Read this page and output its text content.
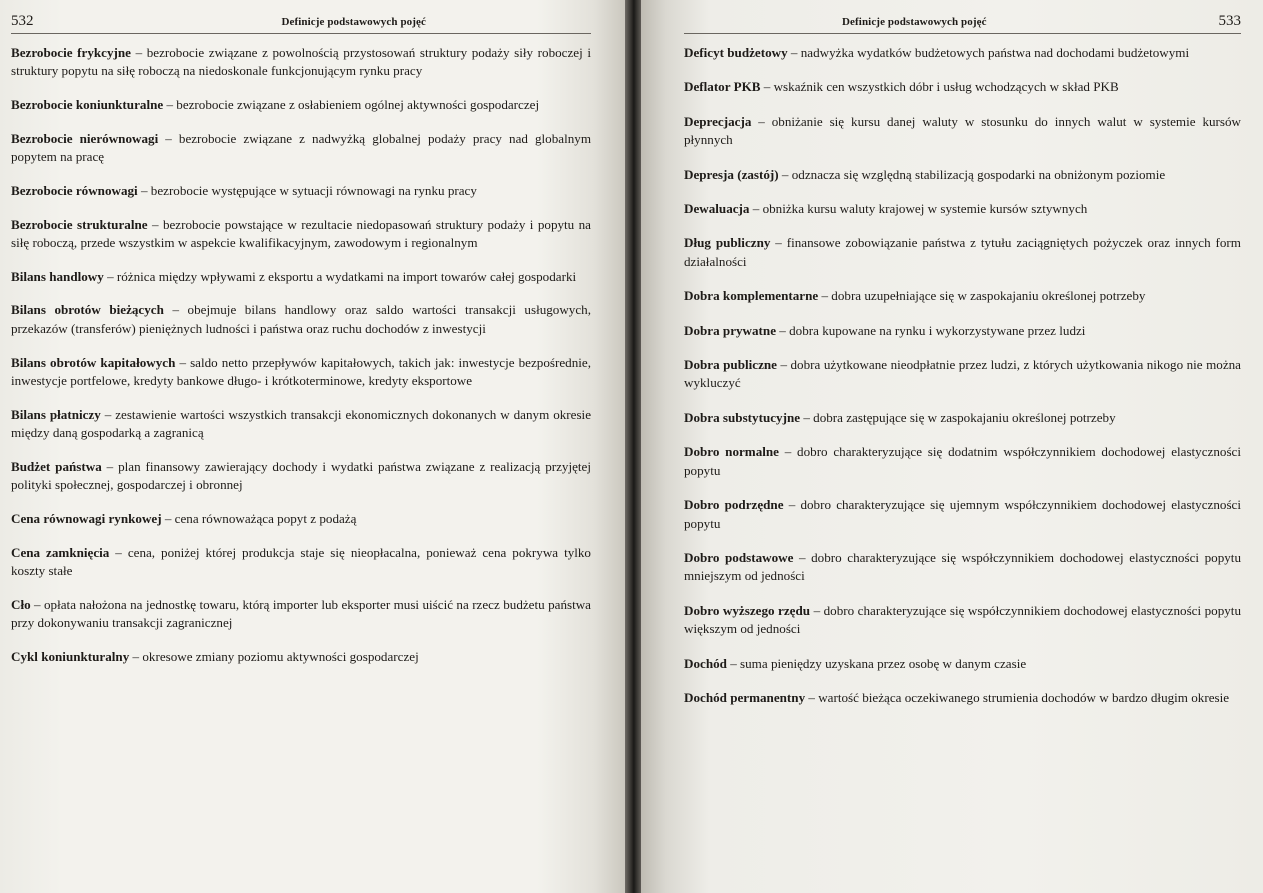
532	Definicje podstawowych pojęć

Bezrobocie frykcyjne – bezrobocie związane z powolnością przystosowań struktury podaży siły roboczej i struktury popytu na siłę roboczą na niedoskonale funkcjonującym rynku pracy

Bezrobocie koniunkturalne – bezrobocie związane z osłabieniem ogólnej aktywności gospodarczej

Bezrobocie nierównowagi – bezrobocie związane z nadwyżką globalnej podaży pracy nad globalnym popytem na pracę

Bezrobocie równowagi – bezrobocie występujące w sytuacji równowagi na rynku pracy

Bezrobocie strukturalne – bezrobocie powstające w rezultacie niedopasowań struktury podaży i popytu na siłę roboczą, przede wszystkim w aspekcie kwalifikacyjnym, zawodowym i regionalnym

Bilans handlowy – różnica między wpływami z eksportu a wydatkami na import towarów całej gospodarki

Bilans obrotów bieżących – obejmuje bilans handlowy oraz saldo wartości transakcji usługowych, przekazów (transferów) pieniężnych ludności i państwa oraz ruchu dochodów z inwestycji

Bilans obrotów kapitałowych – saldo netto przepływów kapitałowych, takich jak: inwestycje bezpośrednie, inwestycje portfelowe, kredyty bankowe długo- i krótkoterminowe, kredyty eksportowe

Bilans płatniczy – zestawienie wartości wszystkich transakcji ekonomicznych dokonanych w danym okresie między daną gospodarką a zagranicą

Budżet państwa – plan finansowy zawierający dochody i wydatki państwa związane z realizacją przyjętej polityki społecznej, gospodarczej i obronnej

Cena równowagi rynkowej – cena równoważąca popyt z podażą

Cena zamknięcia – cena, poniżej której produkcja staje się nieopłacalna, ponieważ cena pokrywa tylko koszty stałe

Cło – opłata nałożona na jednostkę towaru, którą importer lub eksporter musi uiścić na rzecz budżetu państwa przy dokonywaniu transakcji zagranicznej

Cykl koniunkturalny – okresowe zmiany poziomu aktywności gospodarczej

Definicje podstawowych pojęć	533

Deficyt budżetowy – nadwyżka wydatków budżetowych państwa nad dochodami budżetowymi

Deflator PKB – wskaźnik cen wszystkich dóbr i usług wchodzących w skład PKB

Deprecjacja – obniżanie się kursu danej waluty w stosunku do innych walut w systemie kursów płynnych

Depresja (zastój) – odznacza się względną stabilizacją gospodarki na obniżonym poziomie

Dewaluacja – obniżka kursu waluty krajowej w systemie kursów sztywnych

Dług publiczny – finansowe zobowiązanie państwa z tytułu zaciągniętych pożyczek oraz innych form działalności

Dobra komplementarne – dobra uzupełniające się w zaspokajaniu określonej potrzeby

Dobra prywatne – dobra kupowane na rynku i wykorzystywane przez ludzi

Dobra publiczne – dobra użytkowane nieodpłatnie przez ludzi, z których użytkowania nikogo nie można wykluczyć

Dobra substytucyjne – dobra zastępujące się w zaspokajaniu określonej potrzeby

Dobro normalne – dobro charakteryzujące się dodatnim współczynnikiem dochodowej elastyczności popytu

Dobro podrzędne – dobro charakteryzujące się ujemnym współczynnikiem dochodowej elastyczności popytu

Dobro podstawowe – dobro charakteryzujące się współczynnikiem dochodowej elastyczności popytu mniejszym od jedności

Dobro wyższego rzędu – dobro charakteryzujące się współczynnikiem dochodowej elastyczności popytu większym od jedności

Dochód – suma pieniędzy uzyskana przez osobę w danym czasie

Dochód permanentny – wartość bieżąca oczekiwanego strumienia dochodów w bardzo długim okresie
